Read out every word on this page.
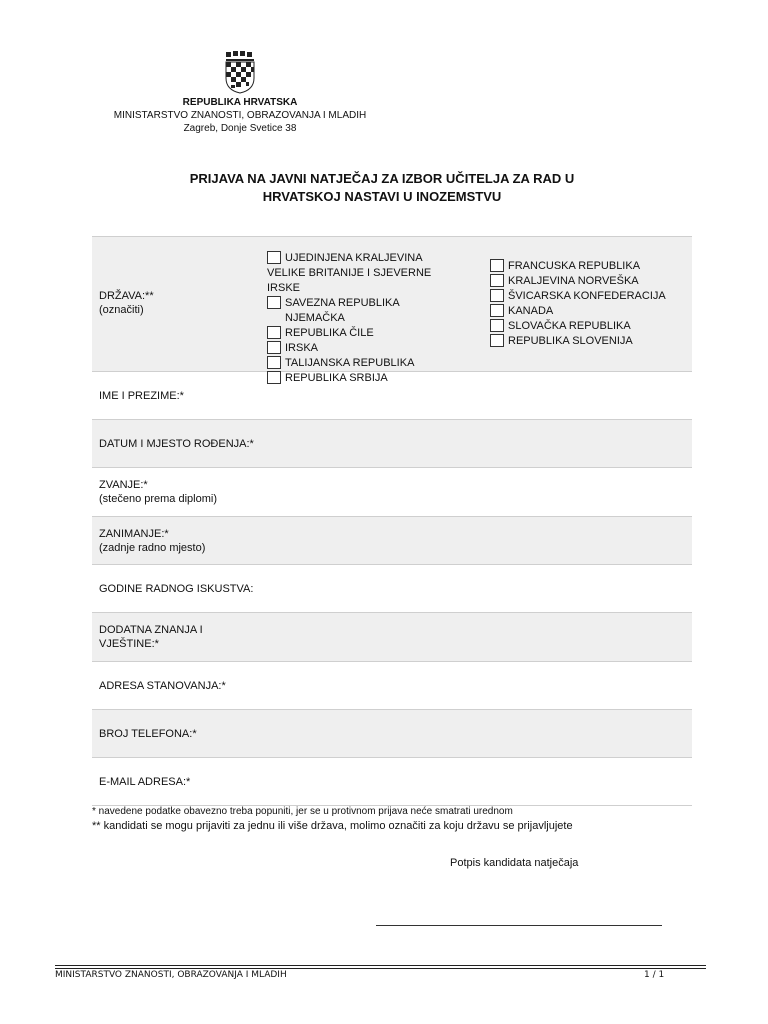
REPUBLIKA HRVATSKA
MINISTARSTVO ZNANOSTI, OBRAZOVANJA I MLADIH
Zagreb, Donje Svetice 38
PRIJAVA NA JAVNI NATJEČAJ ZA IZBOR UČITELJA ZA RAD U
HRVATSKOJ NASTAVI U INOZEMSTVU
DRŽAVA:**
(označiti)
UJEDINJENA KRALJEVINA VELIKE BRITANIJE I SJEVERNE IRSKE
SAVEZNA REPUBLIKA NJEMAČKA
REPUBLIKA ČILE
IRSKA
TALIJANSKA REPUBLIKA
REPUBLIKA SRBIJA
FRANCUSKA REPUBLIKA
KRALJEVINA NORVEŠKA
ŠVICARSKA KONFEDERACIJA
KANADA
SLOVAČKA REPUBLIKA
REPUBLIKA SLOVENIJA
IME I PREZIME:*
DATUM I MJESTO ROĐENJA:*
ZVANJE:*
(stečeno prema diplomi)
ZANIMANJE:*
(zadnje radno mjesto)
GODINE RADNOG ISKUSTVA:
DODATNA ZNANJA I
VJEŠTINE:*
ADRESA STANOVANJA:*
BROJ TELEFONA:*
E-MAIL ADRESA:*
* navedene podatke obavezno treba popuniti, jer se u protivnom prijava neće smatrati urednom
** kandidati se mogu prijaviti za jednu ili više država, molimo označiti za koju državu se prijavljujete
Potpis kandidata natječaja
MINISTARSTVO ZNANOSTI, OBRAZOVANJA I MLADIH	1 / 1
